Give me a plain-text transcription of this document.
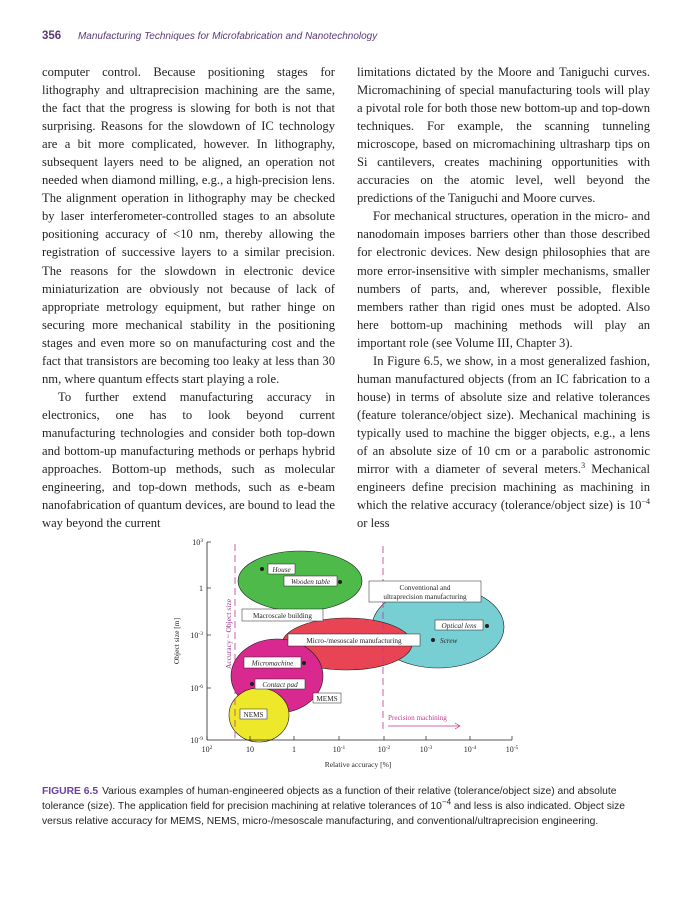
356 Manufacturing Techniques for Microfabrication and Nanotechnology

computer control. Because positioning stages for lithography and ultraprecision machining are the same, the fact that the progress is slowing for both is not that surprising. Reasons for the slowdown of IC technology are a bit more complicated, however. In lithography, subsequent layers need to be aligned, an operation not needed when diamond milling, e.g., a high-precision lens. The alignment operation in lithography may be checked by laser interferometer-controlled stages to an absolute positioning accuracy of <10 nm, thereby allowing the registration of successive layers to a similar precision. The reasons for the slowdown in electronic device miniaturization are obviously not because of lack of appropriate metrology equipment, but rather hinge on securing more mechanical stability in the positioning stages and even more so on manufacturing cost and the fact that transistors are becoming too leaky at less than 30 nm, where quantum effects start playing a role.

To further extend manufacturing accuracy in electronics, one has to look beyond current manufacturing technologies and consider both top-down and bottom-up manufacturing methods or perhaps hybrid approaches. Bottom-up methods, such as molecular engineering, and top-down methods, such as e-beam nanofabrication of quantum devices, are bound to lead the way beyond the current

limitations dictated by the Moore and Taniguchi curves. Micromachining of special manufacturing tools will play a pivotal role for both those new bottom-up and top-down techniques. For example, the scanning tunneling microscope, based on micromachining ultrasharp tips on Si cantilevers, creates machining opportunities with accuracies on the atomic level, well beyond the predictions of the Taniguchi and Moore curves.

For mechanical structures, operation in the micro- and nanodomain imposes barriers other than those described for electronic devices. New design philosophies that are more error-insensitive with simpler mechanisms, smaller numbers of parts, and, wherever possible, flexible members rather than rigid ones must be adopted. Also here bottom-up machining methods will play an important role (see Volume III, Chapter 3).

In Figure 6.5, we show, in a most generalized fashion, human manufactured objects (from an IC fabrication to a house) in terms of absolute size and relative tolerances (feature tolerance/object size). Mechanical machining is typically used to machine the bigger objects, e.g., a lens of an absolute size of 10 cm or a parabolic astronomic mirror with a diameter of several meters.$^3$ Mechanical engineers define precision machining as machining in which the relative accuracy (tolerance/object size) is $10^{-4}$ or less

$10^3$
1
$10^{-3}$
$10^{-6}$
$10^{-9}$
$10^2$	10	1	$10^{-1}$	$10^{-2}$	$10^{-3}$	$10^{-4}$	$10^{-5}$
Relative accuracy [%]
Object size [m]	Accuracy ~ Object size
House
Wooden table
Conventional and
ultraprecision manufacturing
Macroscale building
Optical lens
Screw
Micro-/mesoscale manufacturing
Micromachine
Contact pad
MEMS
NEMS	Precision machining
FIGURE 6.5 Various examples of human-engineered objects as a function of their relative (tolerance/object size) and absolute tolerance (size). The application field for precision machining at relative tolerances of $10^{-4}$ and less is also indicated. Object size versus relative accuracy for MEMS, NEMS, micro-/mesoscale manufacturing, and conventional/ultraprecision engineering.
